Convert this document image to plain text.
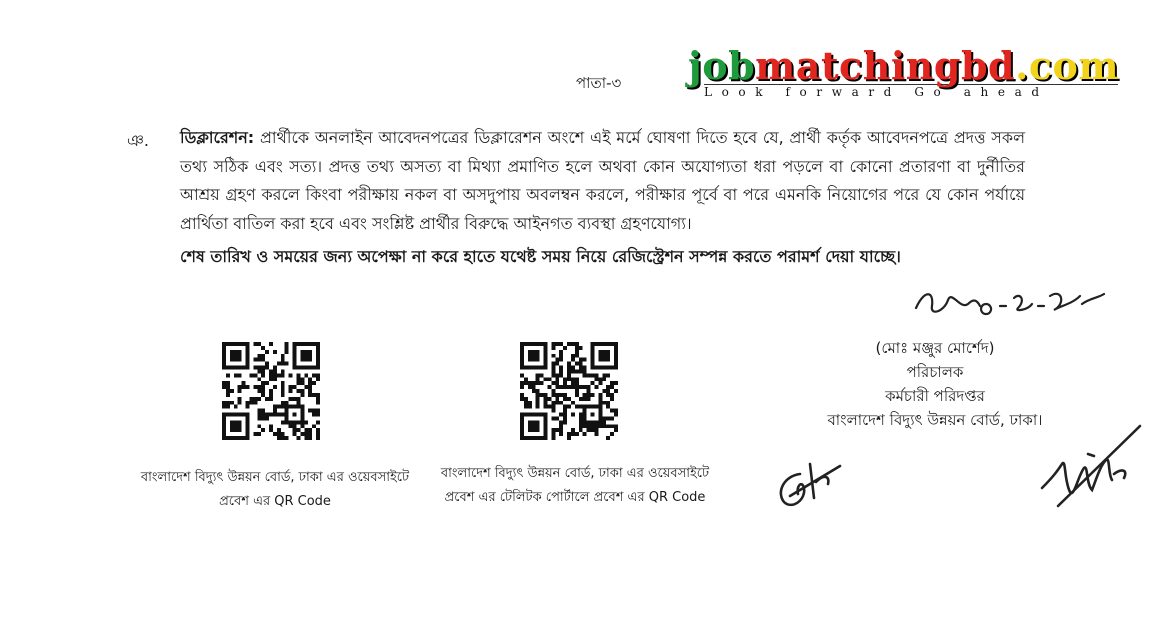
পাতা-৩ jobmatchingbd.com
Look forward Go ahead
ঞ. ডিক্লারেশন: প্রার্থীকে অনলাইন আবেদনপত্রের ডিক্লারেশন অংশে এই মর্মে ঘোষণা দিতে হবে যে, প্রার্থী কর্তৃক আবেদনপত্রে প্রদত্ত সকল তথ্য সঠিক এবং সত্য। প্রদত্ত তথ্য অসত্য বা মিথ্যা প্রমাণিত হলে অথবা কোন অযোগ্যতা ধরা পড়লে বা কোনো প্রতারণা বা দুর্নীতির আশ্রয় গ্রহণ করলে কিংবা পরীক্ষায় নকল বা অসদুপায় অবলম্বন করলে, পরীক্ষার পূর্বে বা পরে এমনকি নিয়োগের পরে যে কোন পর্যায়ে প্রার্থিতা বাতিল করা হবে এবং সংশ্লিষ্ট প্রার্থীর বিরুদ্ধে আইনগত ব্যবস্থা গ্রহণযোগ্য।
শেষ তারিখ ও সময়ের জন্য অপেক্ষা না করে হাতে যথেষ্ট সময় নিয়ে রেজিস্ট্রেশন সম্পন্ন করতে পরামর্শ দেয়া যাচ্ছে।
বাংলাদেশ বিদ্যুৎ উন্নয়ন বোর্ড, ঢাকা এর ওয়েবসাইটে
প্রবেশ এর QR Code
বাংলাদেশ বিদ্যুৎ উন্নয়ন বোর্ড, ঢাকা এর ওয়েবসাইটে
প্রবেশ এর টেলিটক পোর্টালে প্রবেশ এর QR Code
(মোঃ মঞ্জুর মোর্শেদ)
পরিচালক
কর্মচারী পরিদপ্তর
বাংলাদেশ বিদ্যুৎ উন্নয়ন বোর্ড, ঢাকা।
